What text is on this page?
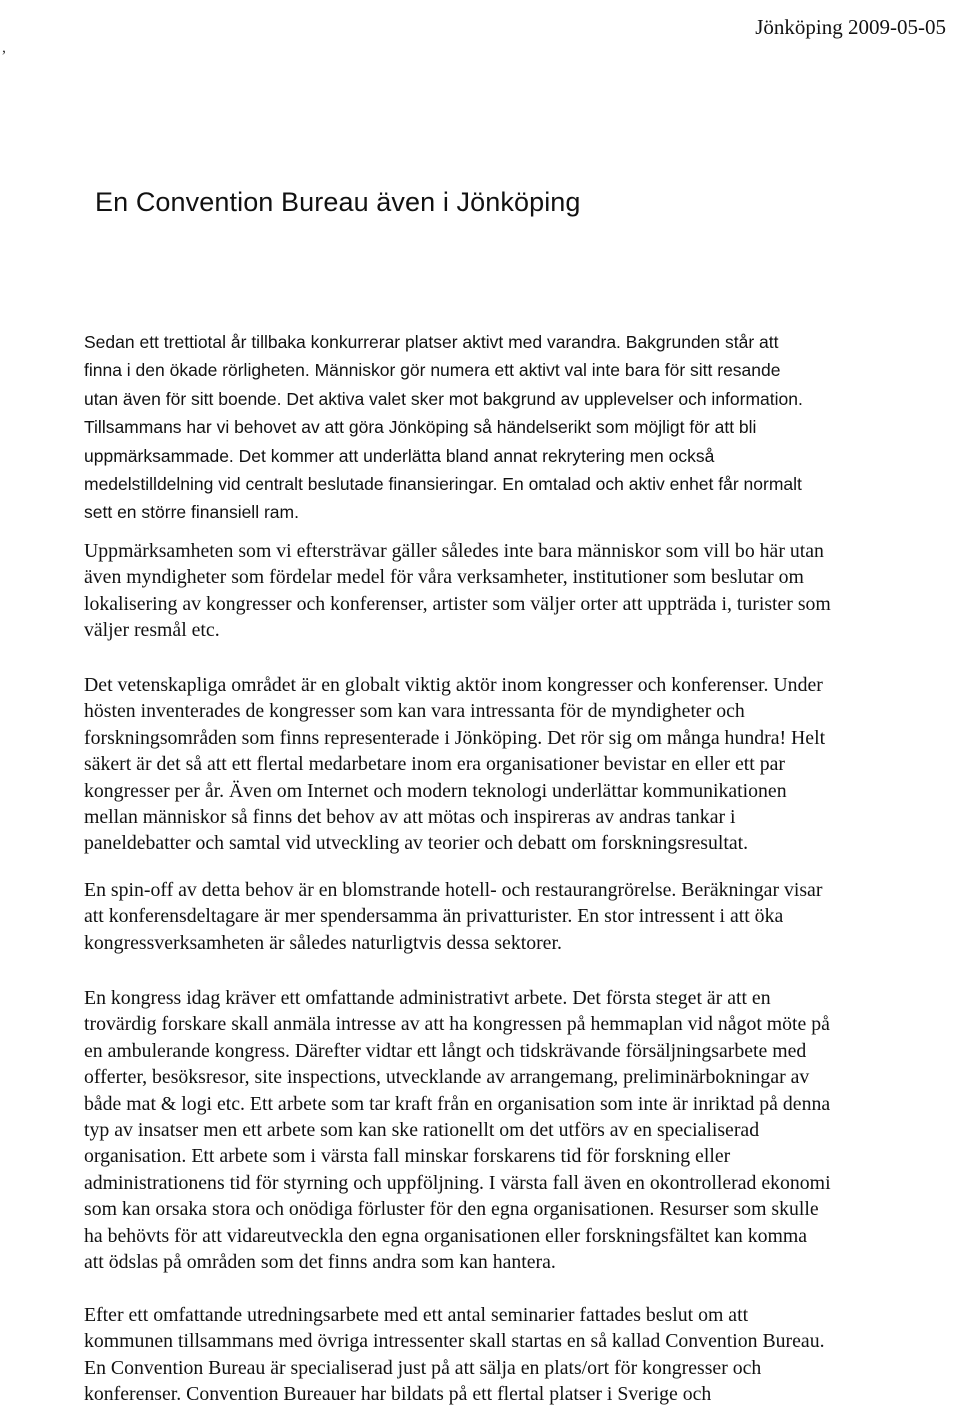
,
Jönköping 2009-05-05
En Convention Bureau även i Jönköping

Sedan ett trettiotal år tillbaka konkurrerar platser aktivt med varandra. Bakgrunden står att
finna i den ökade rörligheten. Människor gör numera ett aktivt val inte bara för sitt resande
utan även för sitt boende. Det aktiva valet sker mot bakgrund av upplevelser och information.
Tillsammans har vi behovet av att göra Jönköping så händelserikt som möjligt för att bli
uppmärksammade. Det kommer att underlätta bland annat rekrytering men också
medelstilldelning vid centralt beslutade finansieringar. En omtalad och aktiv enhet får normalt
sett en större finansiell ram.

Uppmärksamheten som vi eftersträvar gäller således inte bara människor som vill bo här utan
även myndigheter som fördelar medel för våra verksamheter, institutioner som beslutar om
lokalisering av kongresser och konferenser, artister som väljer orter att uppträda i, turister som
väljer resmål etc.

Det vetenskapliga området är en globalt viktig aktör inom kongresser och konferenser. Under
hösten inventerades de kongresser som kan vara intressanta för de myndigheter och
forskningsområden som finns representerade i Jönköping. Det rör sig om många hundra! Helt
säkert är det så att ett flertal medarbetare inom era organisationer bevistar en eller ett par
kongresser per år. Även om Internet och modern teknologi underlättar kommunikationen
mellan människor så finns det behov av att mötas och inspireras av andras tankar i
paneldebatter och samtal vid utveckling av teorier och debatt om forskningsresultat.

En spin-off av detta behov är en blomstrande hotell- och restaurangrörelse. Beräkningar visar
att konferensdeltagare är mer spendersamma än privatturister. En stor intressent i att öka
kongressverksamheten är således naturligtvis dessa sektorer.

En kongress idag kräver ett omfattande administrativt arbete. Det första steget är att en
trovärdig forskare skall anmäla intresse av att ha kongressen på hemmaplan vid något möte på
en ambulerande kongress. Därefter vidtar ett långt och tidskrävande försäljningsarbete med
offerter, besöksresor, site inspections, utvecklande av arrangemang, preliminärbokningar av
både mat & logi etc. Ett arbete som tar kraft från en organisation som inte är inriktad på denna
typ av insatser men ett arbete som kan ske rationellt om det utförs av en specialiserad
organisation. Ett arbete som i värsta fall minskar forskarens tid för forskning eller
administrationens tid för styrning och uppföljning. I värsta fall även en okontrollerad ekonomi
som kan orsaka stora och onödiga förluster för den egna organisationen. Resurser som skulle
ha behövts för att vidareutveckla den egna organisationen eller forskningsfältet kan komma
att ödslas på områden som det finns andra som kan hantera.

Efter ett omfattande utredningsarbete med ett antal seminarier fattades beslut om att
kommunen tillsammans med övriga intressenter skall startas en så kallad Convention Bureau.
En Convention Bureau är specialiserad just på att sälja en plats/ort för kongresser och
konferenser. Convention Bureauer har bildats på ett flertal platser i Sverige och
